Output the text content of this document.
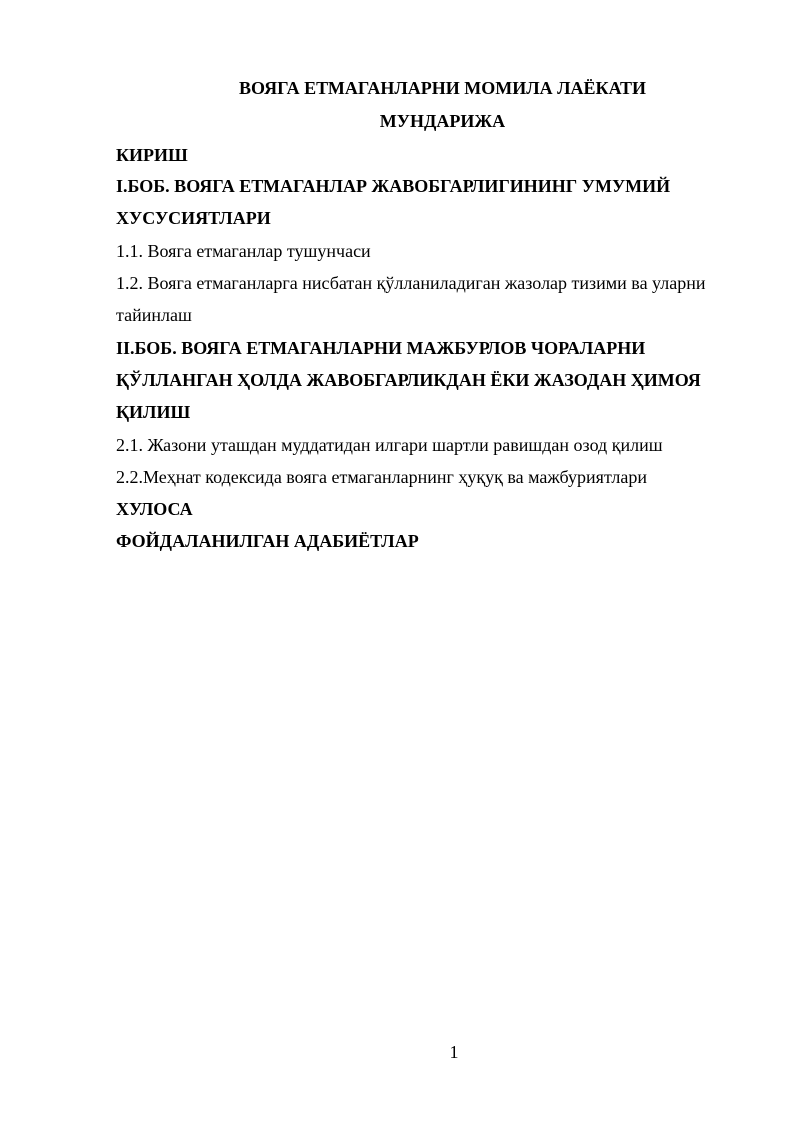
ВОЯГА ЕТМАГАНЛАРНИ МОМИЛА ЛАЁКАТИ
МУНДАРИЖА
КИРИШ
I.БОБ. ВОЯГА ЕТМАГАНЛАР ЖАВОБГАРЛИГИНИНГ УМУМИЙ
ХУСУСИЯТЛАРИ
1.1. Вояга етмаганлар тушунчаси
1.2. Вояга етмаганларга нисбатан қўлланиладиган жазолар тизими ва уларни
тайинлаш
II.БОБ. ВОЯГА ЕТМАГАНЛАРНИ МАЖБУРЛОВ ЧОРАЛАРНИ
ҚЎЛЛАНГАН ҲОЛДА ЖАВОБГАРЛИКДАН ЁКИ ЖАЗОДАН ҲИМОЯ
ҚИЛИШ
2.1. Жазони уташдан муддатидан илгари шартли равишдан озод қилиш
2.2.Меҳнат кодексида вояга етмаганларнинг ҳуқуқ ва мажбуриятлари
ХУЛОСА
ФОЙДАЛАНИЛГАН АДАБИЁТЛАР
1
